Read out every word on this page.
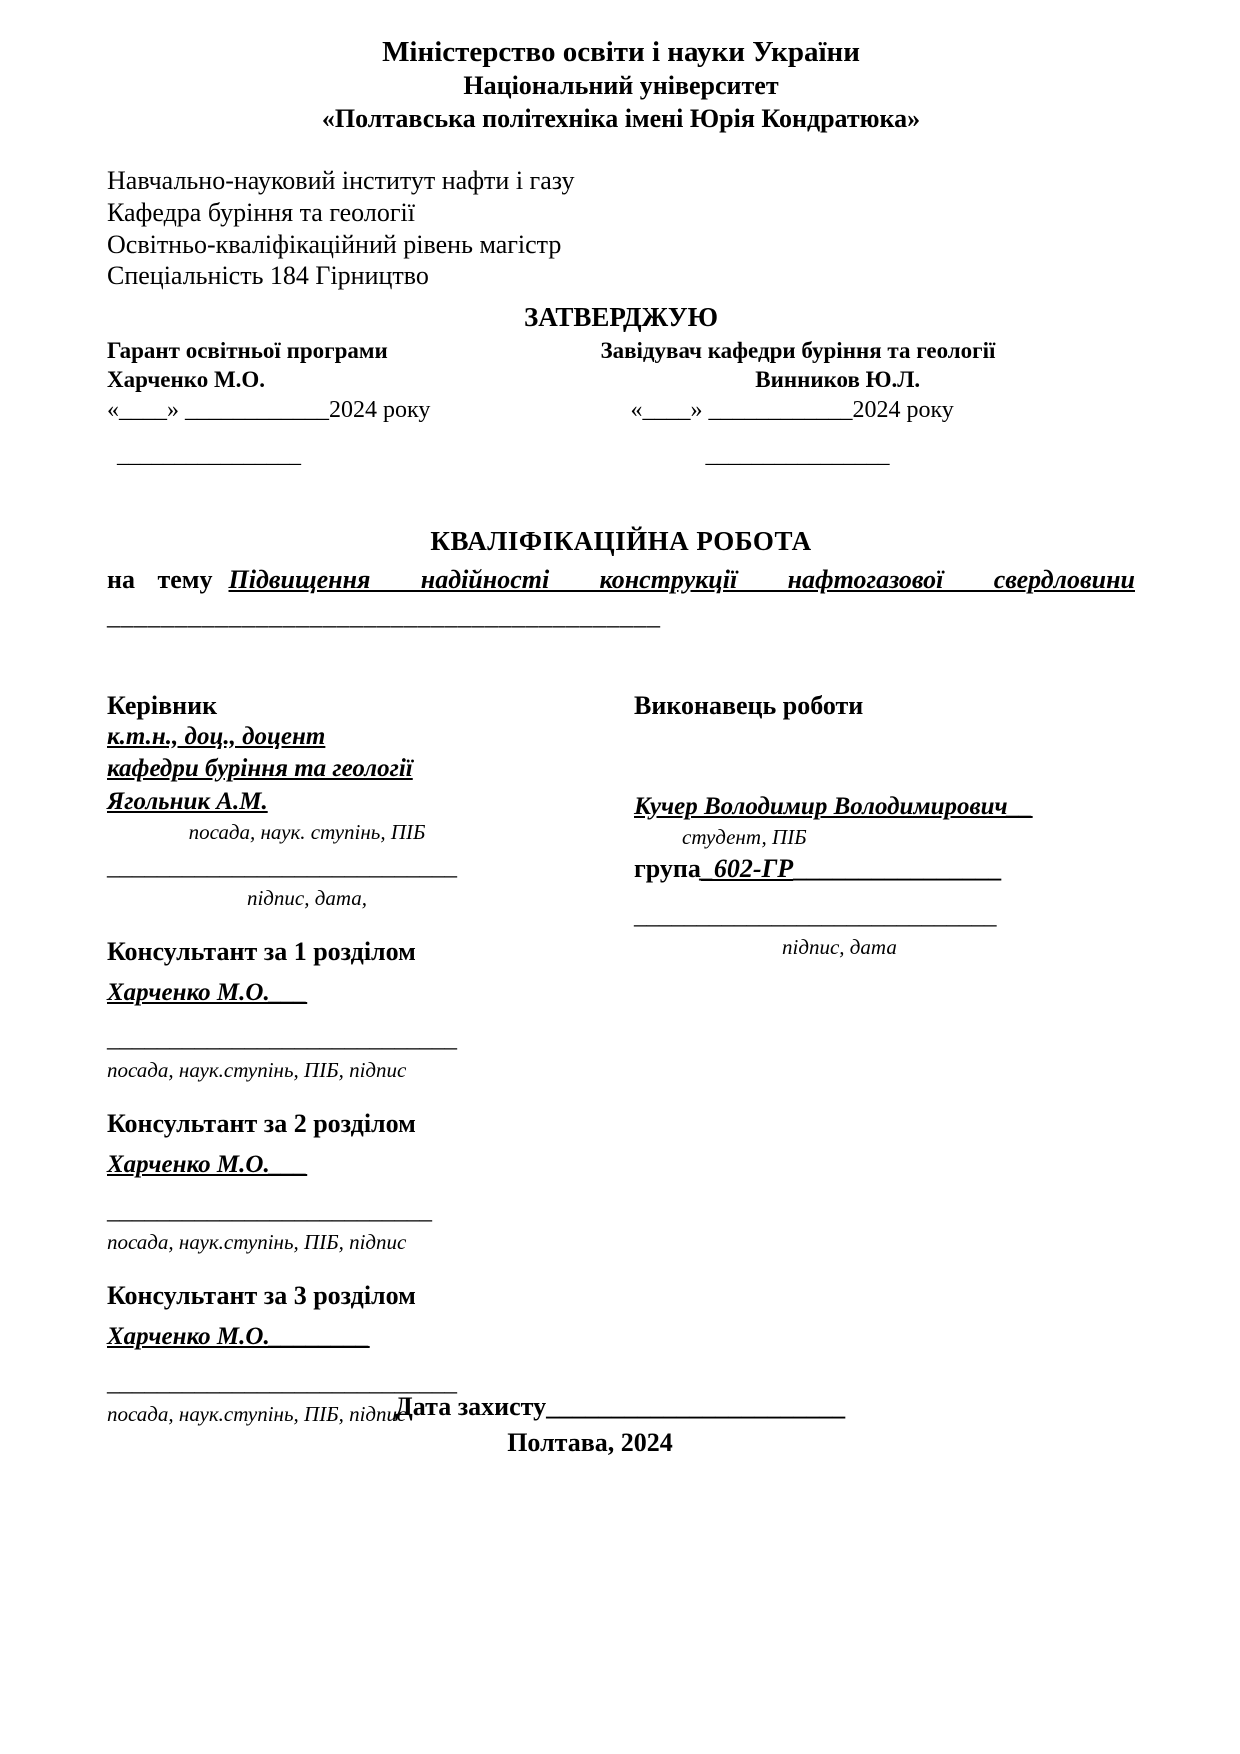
Міністерство освіти і науки України
Національний університет
«Полтавська політехніка імені Юрія Кондратюка»
Навчально-науковий інститут нафти і газу
Кафедра буріння та геології
Освітньо-кваліфікаційний рівень магістр
Спеціальність 184 Гірництво
ЗАТВЕРДЖУЮ
Гарант освітньої програми
Харченко М.О.
«____» ____________2024 року
________________
Завідувач кафедри буріння та геології
Винников Ю.Л.
«____» ____________2024 року
________________
КВАЛІФІКАЦІЙНА РОБОТА
на тему Підвищення надійності конструкції нафтогазової свердловини
_________________________________________
Керівник
к.т.н., доц., доцент
кафедри буріння та геології
Ягольник А.М.
посада, наук. ступінь, ПІБ
____________________________
підпис, дата,
Консультант за 1 розділом
Харченко М.О.___
____________________________
посада, наук.ступінь, ПІБ, підпис
Консультант за 2 розділом
Харченко М.О.___
__________________________
посада, наук.ступінь, ПІБ, підпис
Консультант за 3 розділом
Харченко М.О.________
____________________________
посада, наук.ступінь, ПІБ, підпис
Виконавець роботи
Кучер Володимир Володимирович__
студент, ПІБ
група_602-ГР________________
_____________________________
підпис, дата
Дата захисту_______________________
Полтава, 2024
